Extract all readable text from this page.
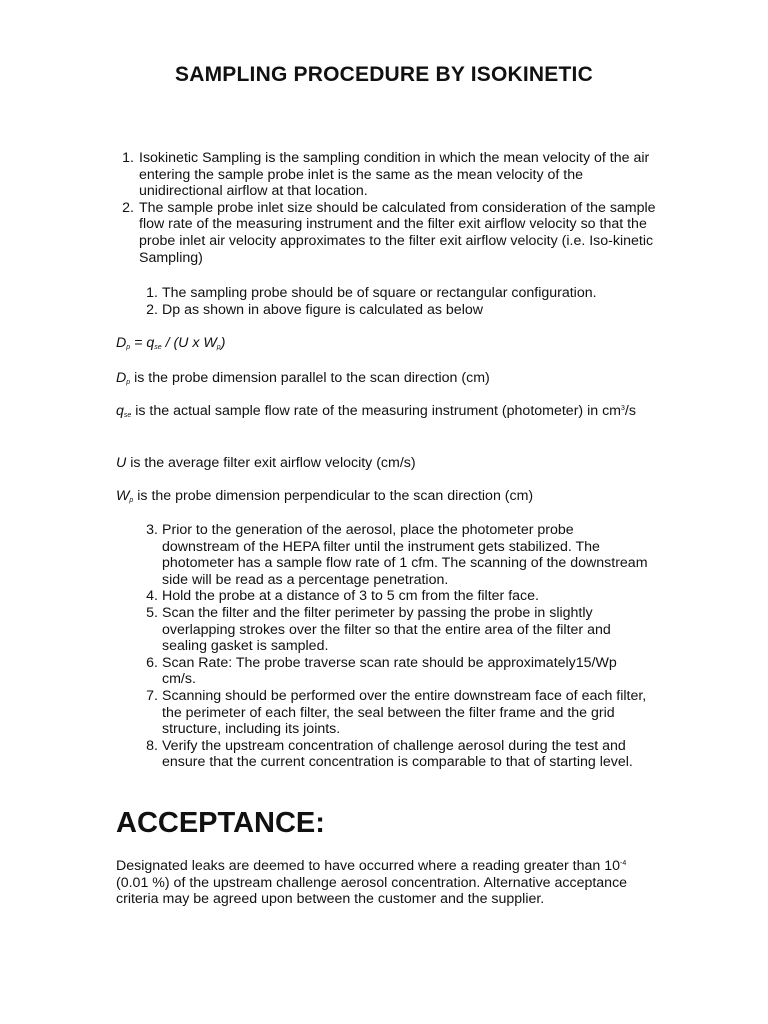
SAMPLING PROCEDURE BY ISOKINETIC
1. Isokinetic Sampling is the sampling condition in which the mean velocity of the air entering the sample probe inlet is the same as the mean velocity of the unidirectional airflow at that location.
2. The sample probe inlet size should be calculated from consideration of the sample flow rate of the measuring instrument and the filter exit airflow velocity so that the probe inlet air velocity approximates to the filter exit airflow velocity (i.e. Iso-kinetic Sampling)
1. The sampling probe should be of square or rectangular configuration.
2. Dp as shown in above figure is calculated as below

$D_p = q_{se} / (U$ x $W_p$)

$D_p$ is the probe dimension parallel to the scan direction (cm)

$q_{se}$ is the actual sample flow rate of the measuring instrument (photometer) in $cm^3/s$

U is the average filter exit airflow velocity (cm/s)

$W_p$ is the probe dimension perpendicular to the scan direction (cm)

3. Prior to the generation of the aerosol, place the photometer probe downstream of the HEPA filter until the instrument gets stabilized. The photometer has a sample flow rate of 1 cfm. The scanning of the downstream side will be read as a percentage penetration.
4. Hold the probe at a distance of 3 to 5 cm from the filter face.
5. Scan the filter and the filter perimeter by passing the probe in slightly overlapping strokes over the filter so that the entire area of the filter and sealing gasket is sampled.
6. Scan Rate: The probe traverse scan rate should be approximately15/Wp cm/s.
7. Scanning should be performed over the entire downstream face of each filter, the perimeter of each filter, the seal between the filter frame and the grid structure, including its joints.
8. Verify the upstream concentration of challenge aerosol during the test and ensure that the current concentration is comparable to that of starting level.
ACCEPTANCE:

Designated leaks are deemed to have occurred where a reading greater than $10^{-4}$ (0.01 %) of the upstream challenge aerosol concentration. Alternative acceptance criteria may be agreed upon between the customer and the supplier.
